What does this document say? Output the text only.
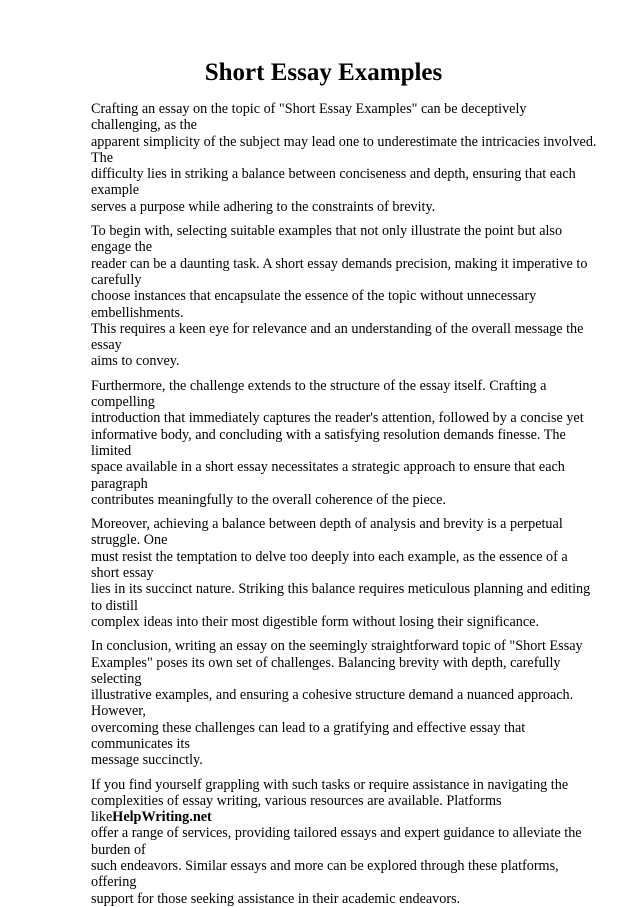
Short Essay Examples

Crafting an essay on the topic of "Short Essay Examples" can be deceptively challenging, as the
apparent simplicity of the subject may lead one to underestimate the intricacies involved. The
difficulty lies in striking a balance between conciseness and depth, ensuring that each example
serves a purpose while adhering to the constraints of brevity.

To begin with, selecting suitable examples that not only illustrate the point but also engage the
reader can be a daunting task. A short essay demands precision, making it imperative to carefully
choose instances that encapsulate the essence of the topic without unnecessary embellishments.
This requires a keen eye for relevance and an understanding of the overall message the essay
aims to convey.

Furthermore, the challenge extends to the structure of the essay itself. Crafting a compelling
introduction that immediately captures the reader's attention, followed by a concise yet
informative body, and concluding with a satisfying resolution demands finesse. The limited
space available in a short essay necessitates a strategic approach to ensure that each paragraph
contributes meaningfully to the overall coherence of the piece.

Moreover, achieving a balance between depth of analysis and brevity is a perpetual struggle. One
must resist the temptation to delve too deeply into each example, as the essence of a short essay
lies in its succinct nature. Striking this balance requires meticulous planning and editing to distill
complex ideas into their most digestible form without losing their significance.

In conclusion, writing an essay on the seemingly straightforward topic of "Short Essay
Examples" poses its own set of challenges. Balancing brevity with depth, carefully selecting
illustrative examples, and ensuring a cohesive structure demand a nuanced approach. However,
overcoming these challenges can lead to a gratifying and effective essay that communicates its
message succinctly.

If you find yourself grappling with such tasks or require assistance in navigating the
complexities of essay writing, various resources are available. Platforms likeHelpWriting.net
offer a range of services, providing tailored essays and expert guidance to alleviate the burden of
such endeavors. Similar essays and more can be explored through these platforms, offering
support for those seeking assistance in their academic endeavors.
